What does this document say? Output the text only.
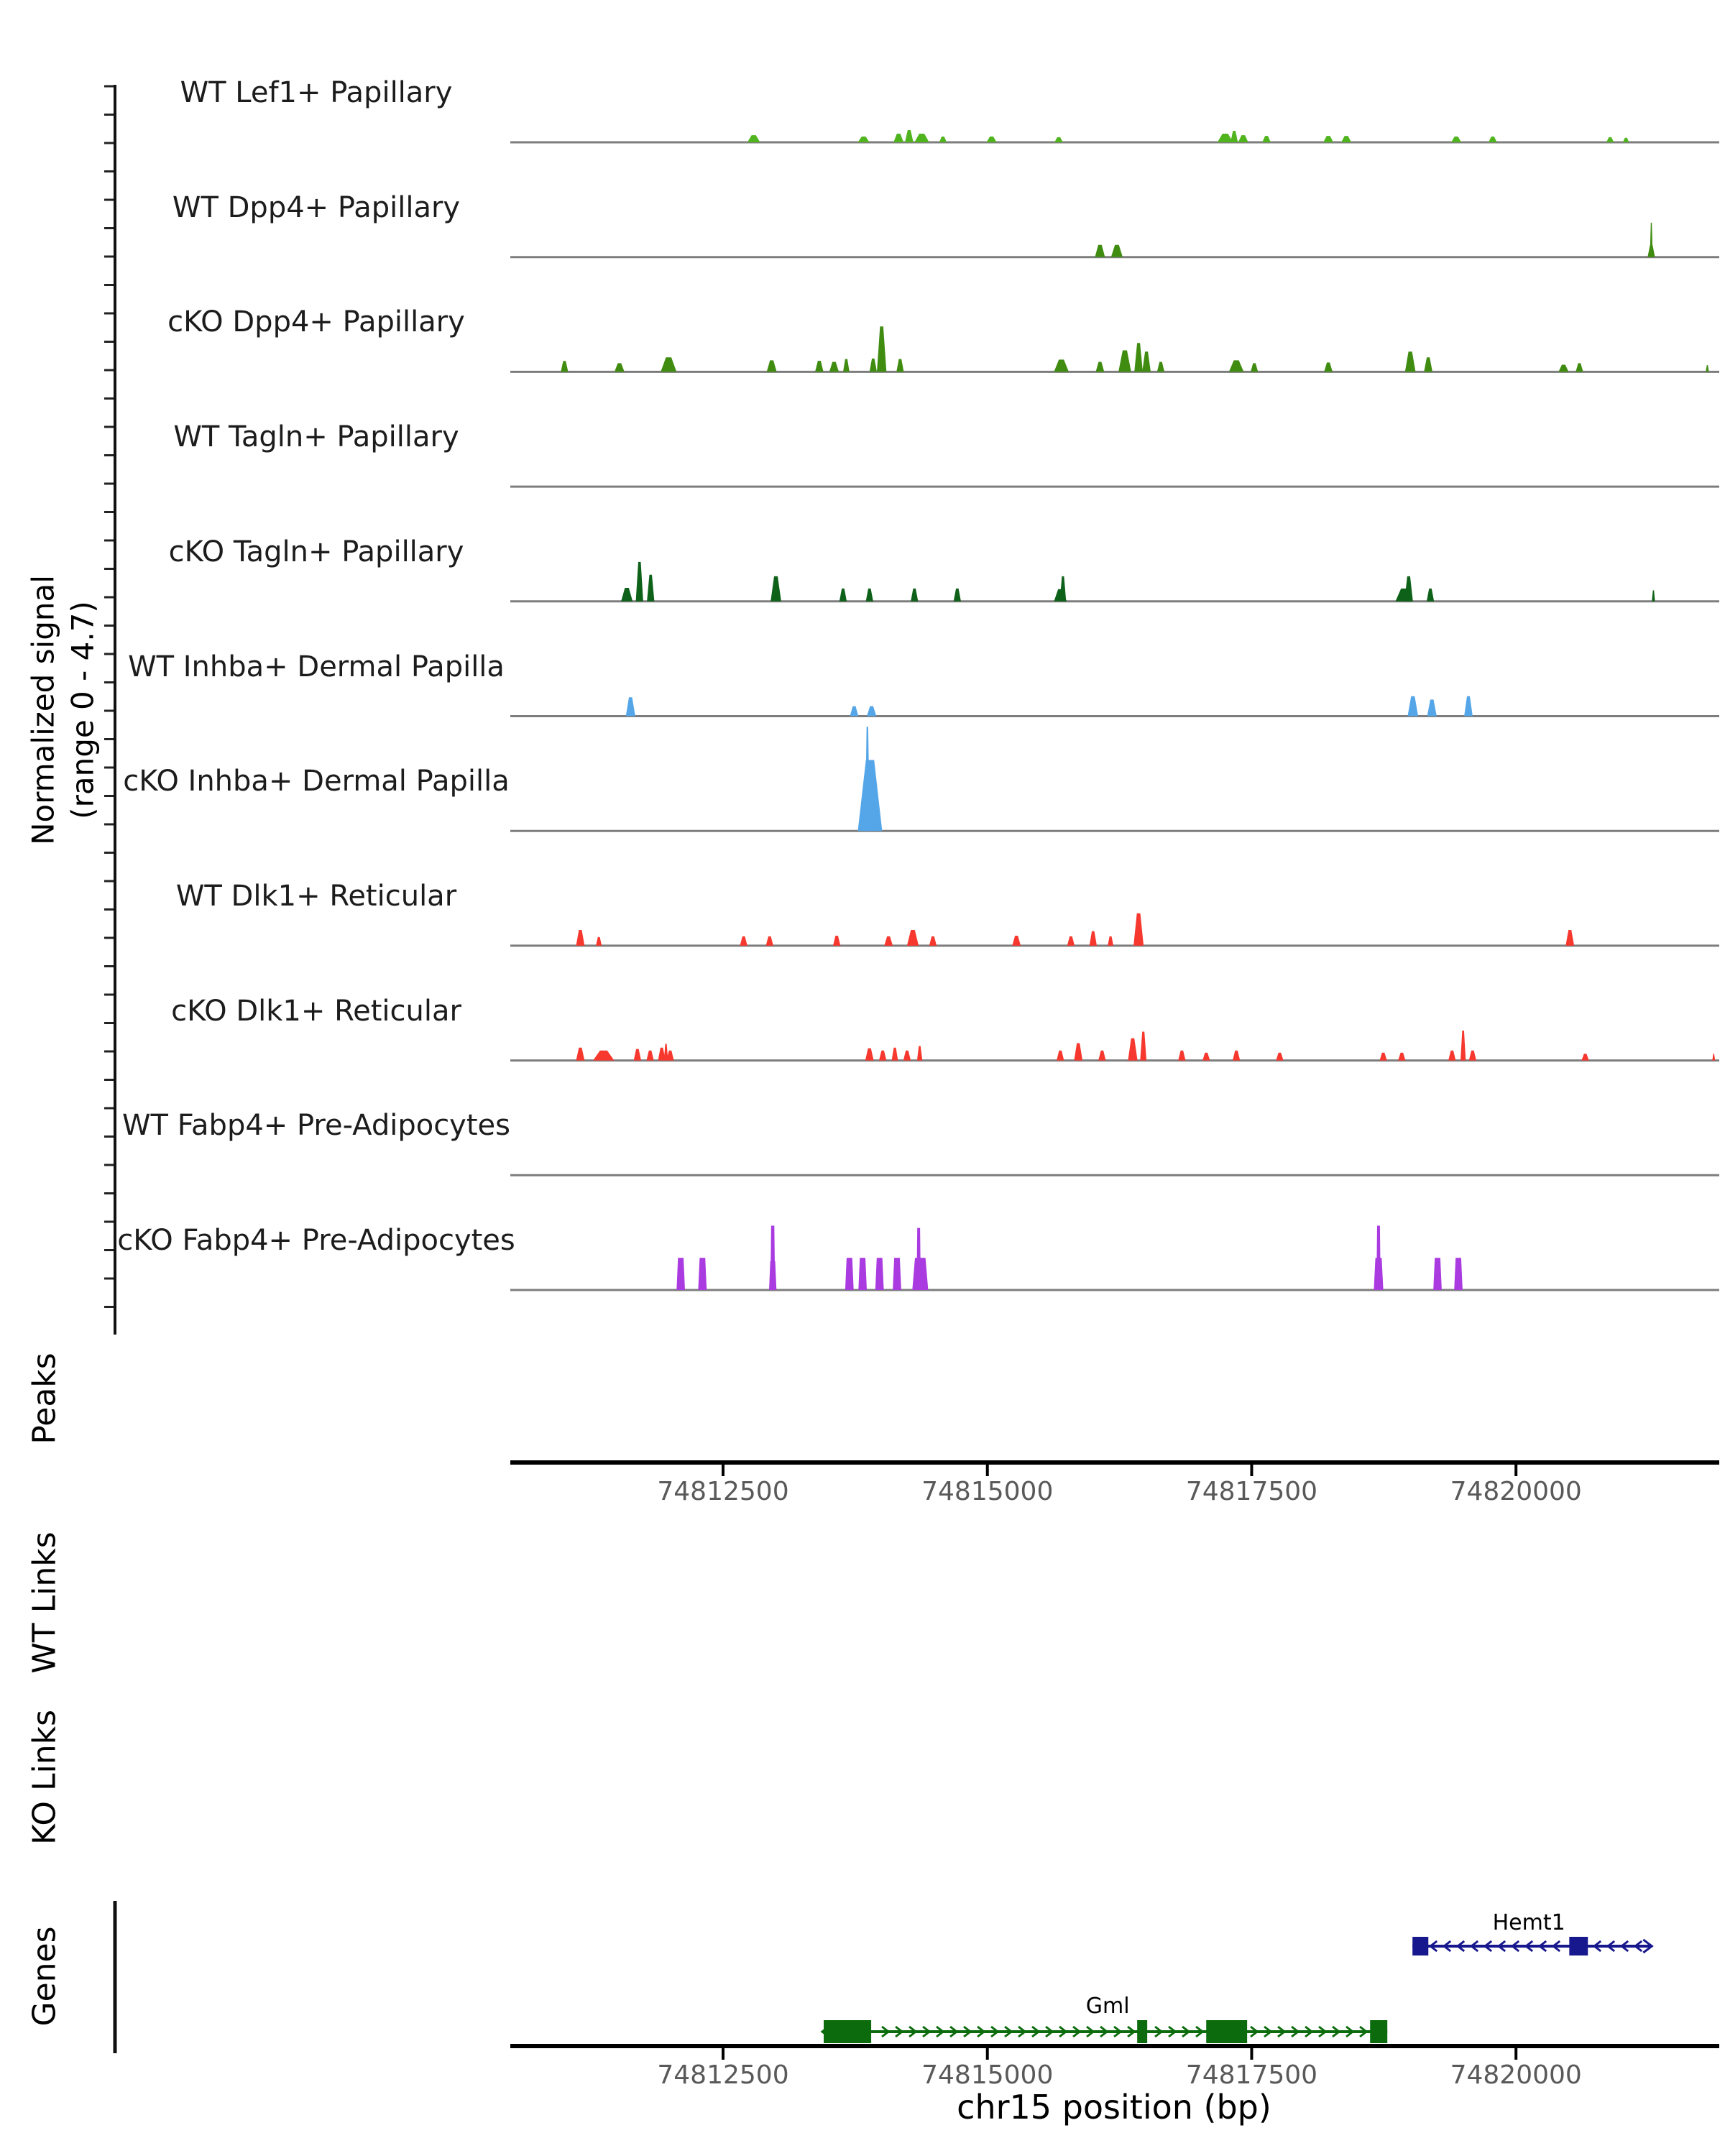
74812500	74815000	74817500	74820000
74812500	74815000	74817500	74820000
Hemt1
Gml
Normalized signal (range 0 - 4.7)
Peaks
WT Links
KO Links
Genes
chr15 position (bp)
WT Lef1+ Papillary
WT Dpp4+ Papillary
cKO Dpp4+ Papillary
WT Tagln+ Papillary
cKO Tagln+ Papillary
WT Inhba+ Dermal Papilla
cKO Inhba+ Dermal Papilla
WT Dlk1+ Reticular
cKO Dlk1+ Reticular
WT Fabp4+ Pre-Adipocytes
cKO Fabp4+ Pre-Adipocytes
